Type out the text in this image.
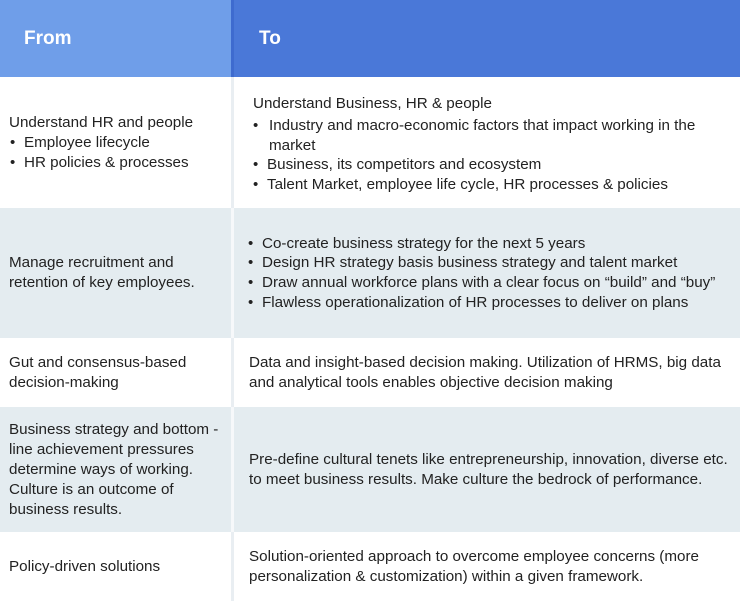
From	To
Understand HR and people
• Employee lifecycle
• HR policies & processes
Understand Business, HR & people
• Industry and macro-economic factors that impact working in the market
• Business, its competitors and ecosystem
• Talent Market, employee life cycle, HR processes & policies
Manage recruitment and retention of key employees.
• Co-create business strategy for the next 5 years
• Design HR strategy basis business strategy and talent market
• Draw annual workforce plans with a clear focus on “build” and “buy”
• Flawless operationalization of HR processes to deliver on plans
Gut and consensus-based decision-making
Data and insight-based decision making. Utilization of HRMS, big data and analytical tools enables objective decision making
Business strategy and bottom -line achievement pressures determine ways of working. Culture is an outcome of business results.
Pre-define cultural tenets like entrepreneurship, innovation, diverse etc. to meet business results. Make culture the bedrock of performance.
Policy-driven solutions
Solution-oriented approach to overcome employee concerns (more personalization & customization) within a given framework.
